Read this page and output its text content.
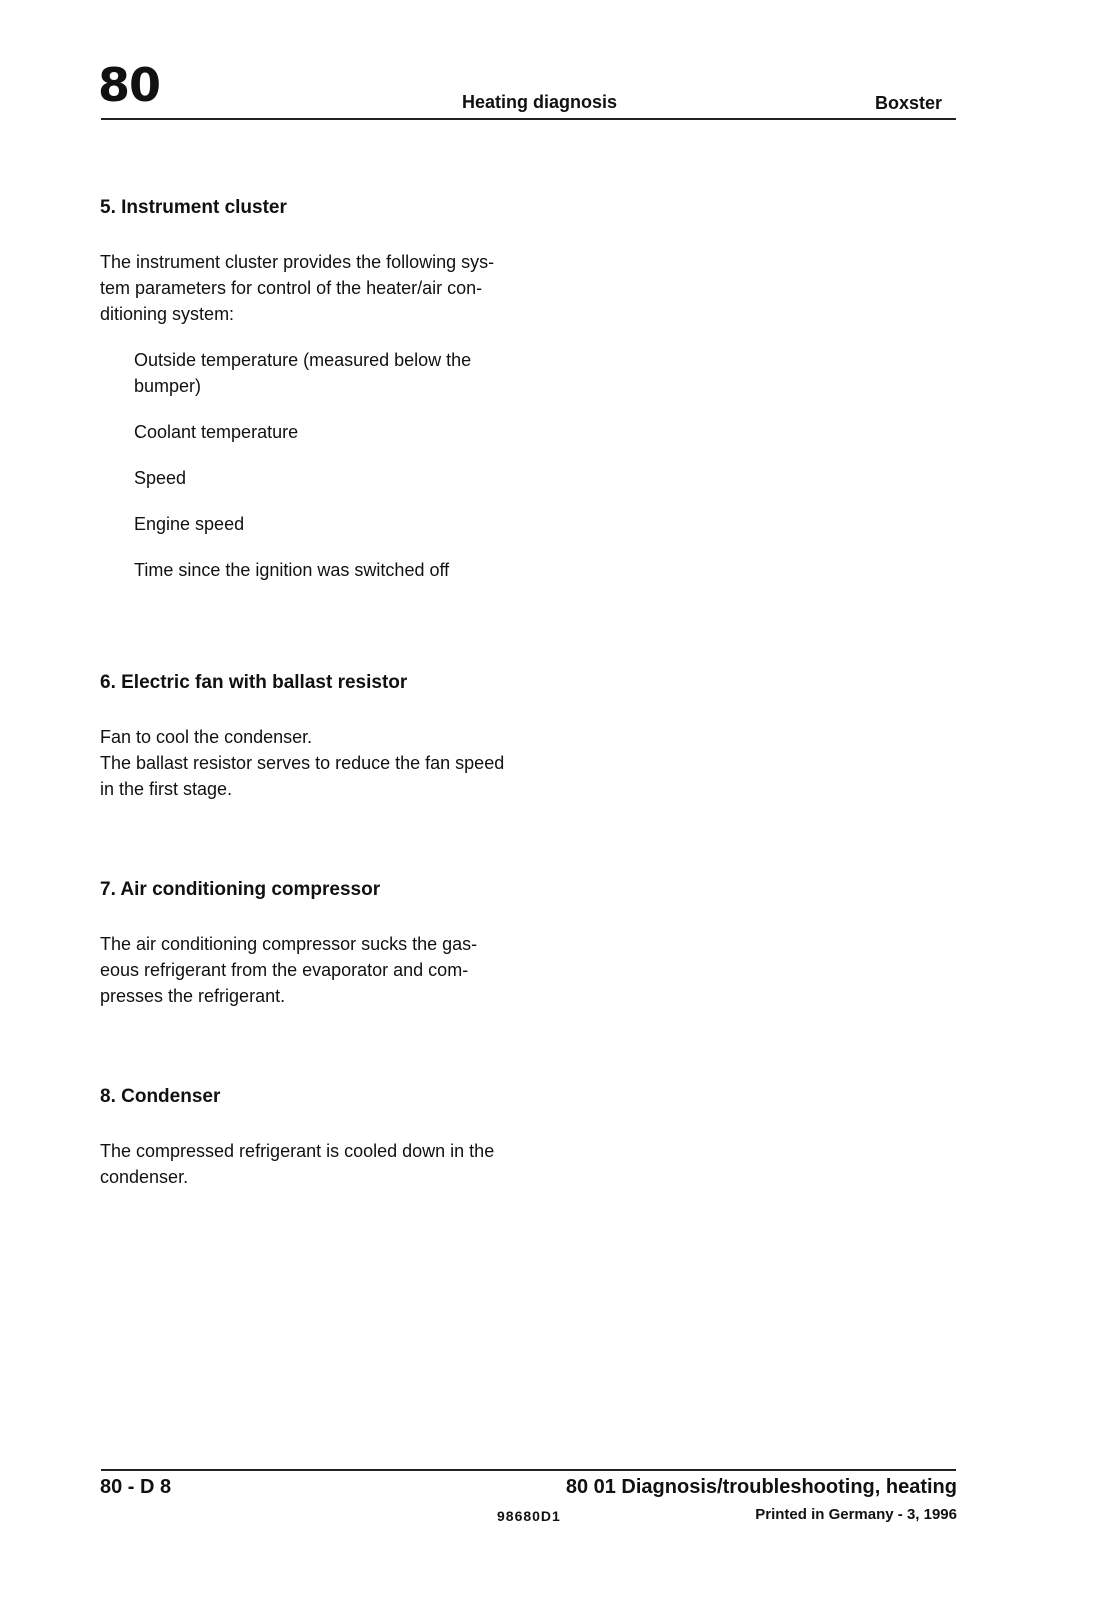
80	Heating diagnosis	Boxster
5. Instrument cluster

The instrument cluster provides the following sys-tem parameters for control of the heater/air con-ditioning system:

Outside temperature (measured below the bumper)
Coolant temperature
Speed
Engine speed
Time since the ignition was switched off
6. Electric fan with ballast resistor

Fan to cool the condenser.

The ballast resistor serves to reduce the fan speed in the first stage.

7. Air conditioning compressor

The air conditioning compressor sucks the gas-eous refrigerant from the evaporator and com-presses the refrigerant.

8. Condenser

The compressed refrigerant is cooled down in the condenser.

80 - D 8	80 01 Diagnosis/troubleshooting, heating
98680D1	Printed in Germany - 3, 1996
